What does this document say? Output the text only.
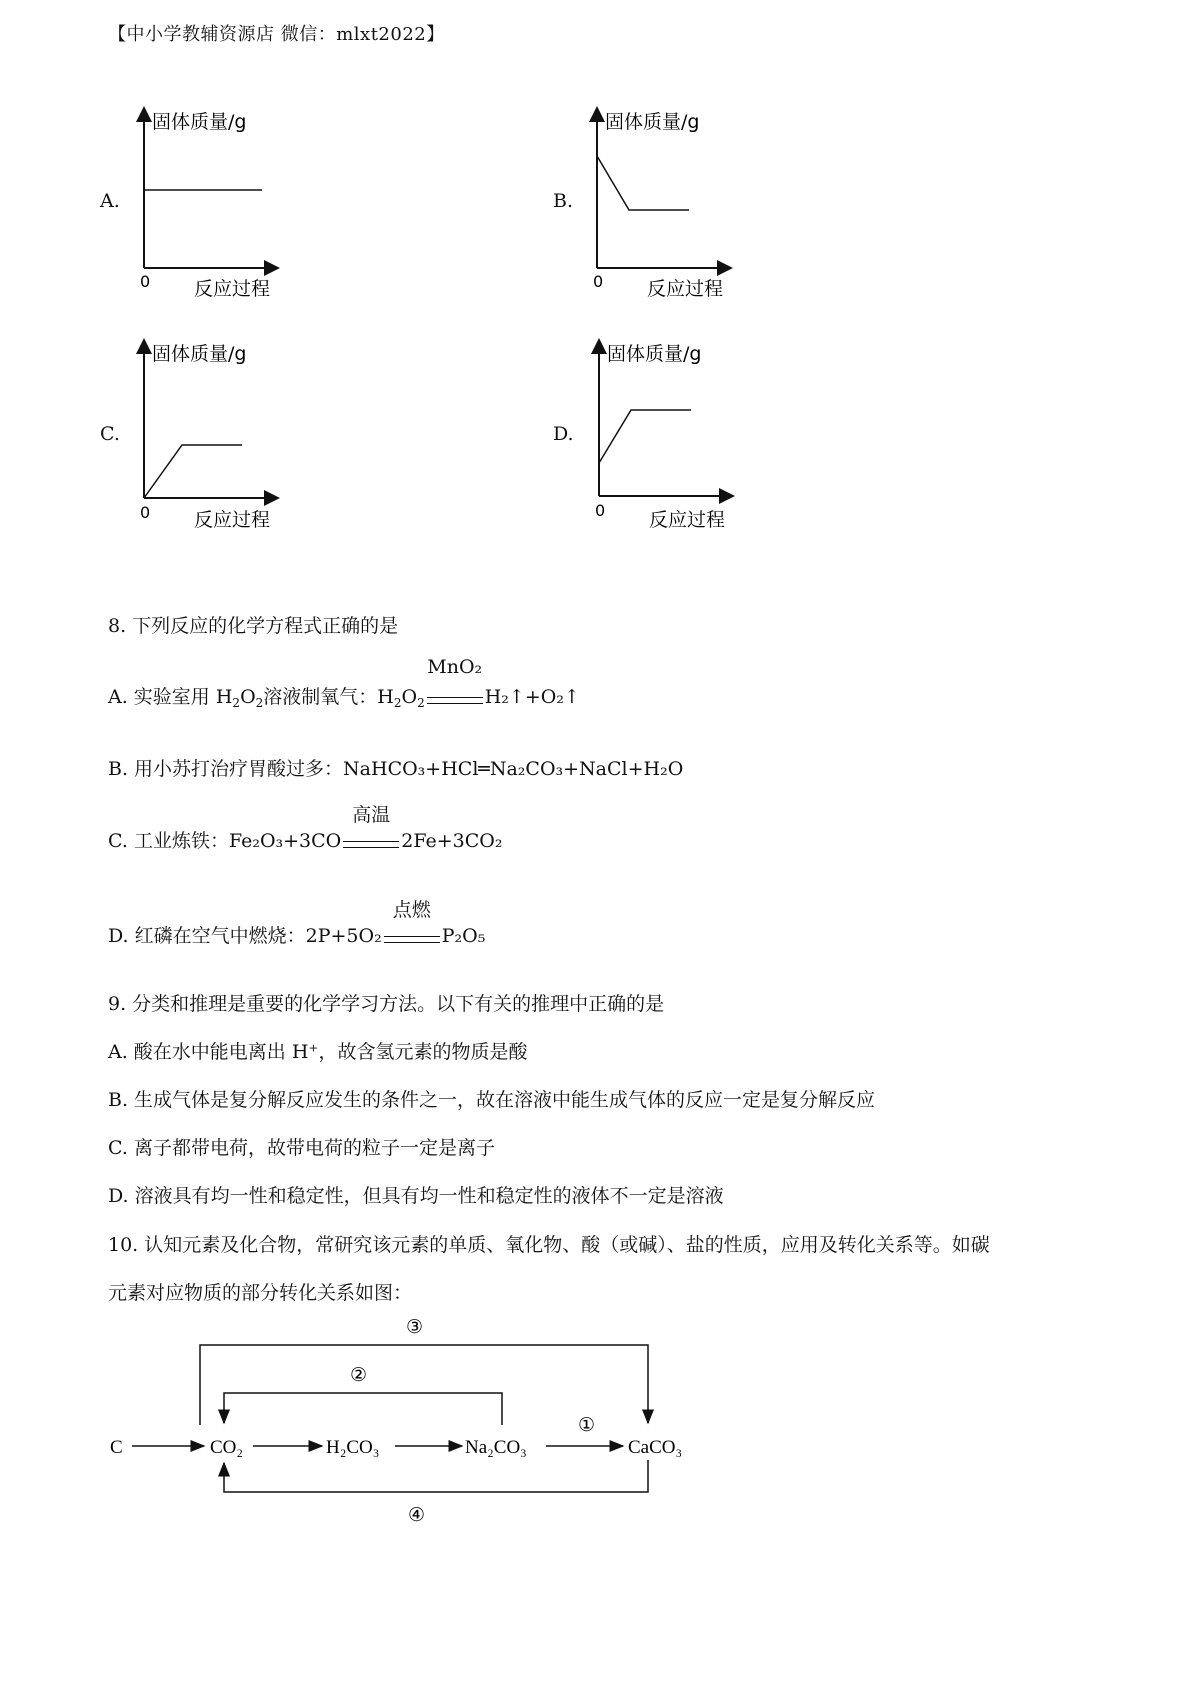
【中小学教辅资源店 微信：mlxt2022】
A.	B.
C.	D.
固体质量/g
0 反应过程
固体质量/g
0 反应过程
固体质量/g
0 反应过程
固体质量/g
0 反应过程
8. 下列反应的化学方程式正确的是
A. 实验室用 $H_2O_2$溶液制氧气：$H_2O_2$
MnO₂
H₂↑+O₂↑
B. 用小苏打治疗胃酸过多：NaHCO₃+HCl═Na₂CO₃+NaCl+H₂O
C. 工业炼铁：Fe₂O₃+3CO
高温
2Fe+3CO₂
D. 红磷在空气中燃烧：2P+5O₂
点燃
P₂O₅
9. 分类和推理是重要的化学学习方法。以下有关的推理中正确的是
A. 酸在水中能电离出 H⁺，故含氢元素的物质是酸
B. 生成气体是复分解反应发生的条件之一，故在溶液中能生成气体的反应一定是复分解反应
C. 离子都带电荷，故带电荷的粒子一定是离子
D. 溶液具有均一性和稳定性，但具有均一性和稳定性的液体不一定是溶液
10. 认知元素及化合物，常研究该元素的单质、氧化物、酸（或碱）、盐的性质，应用及转化关系等。如碳
元素对应物质的部分转化关系如图：
C	CO₂	H₂CO₃	Na₂CO₃	CaCO₃
①
②
③
④
